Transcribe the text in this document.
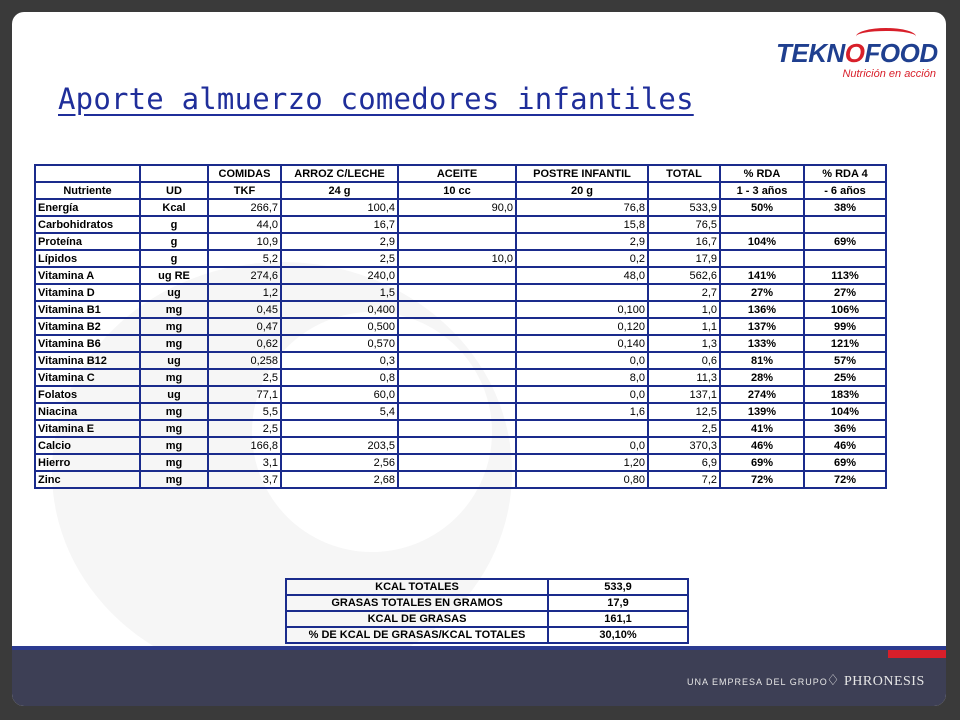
TEKNOFOOD
Nutrición en acción
Aporte almuerzo comedores infantiles
		COMIDAS	ARROZ C/LECHE	ACEITE	POSTRE INFANTIL	TOTAL	% RDA	% RDA 4
Nutriente	UD	TKF	24 g	10 cc	20 g		1 - 3 años	- 6 años
Energía	Kcal	266,7	100,4	90,0	76,8	533,9	50%	38%
Carbohidratos	g	44,0	16,7		15,8	76,5		
Proteína	g	10,9	2,9		2,9	16,7	104%	69%
Lípidos	g	5,2	2,5	10,0	0,2	17,9		
Vitamina A	ug RE	274,6	240,0		48,0	562,6	141%	113%
Vitamina D	ug	1,2	1,5			2,7	27%	27%
Vitamina B1	mg	0,45	0,400		0,100	1,0	136%	106%
Vitamina B2	mg	0,47	0,500		0,120	1,1	137%	99%
Vitamina B6	mg	0,62	0,570		0,140	1,3	133%	121%
Vitamina B12	ug	0,258	0,3		0,0	0,6	81%	57%
Vitamina C	mg	2,5	0,8		8,0	11,3	28%	25%
Folatos	ug	77,1	60,0		0,0	137,1	274%	183%
Niacina	mg	5,5	5,4		1,6	12,5	139%	104%
Vitamina E	mg	2,5				2,5	41%	36%
Calcio	mg	166,8	203,5		0,0	370,3	46%	46%
Hierro	mg	3,1	2,56		1,20	6,9	69%	69%
Zinc	mg	3,7	2,68		0,80	7,2	72%	72%
KCAL TOTALES	533,9
GRASAS TOTALES EN GRAMOS	17,9
KCAL DE GRASAS	161,1
% DE KCAL DE GRASAS/KCAL TOTALES	30,10%
UNA EMPRESA DEL GRUPO
♢ PHRONESIS
